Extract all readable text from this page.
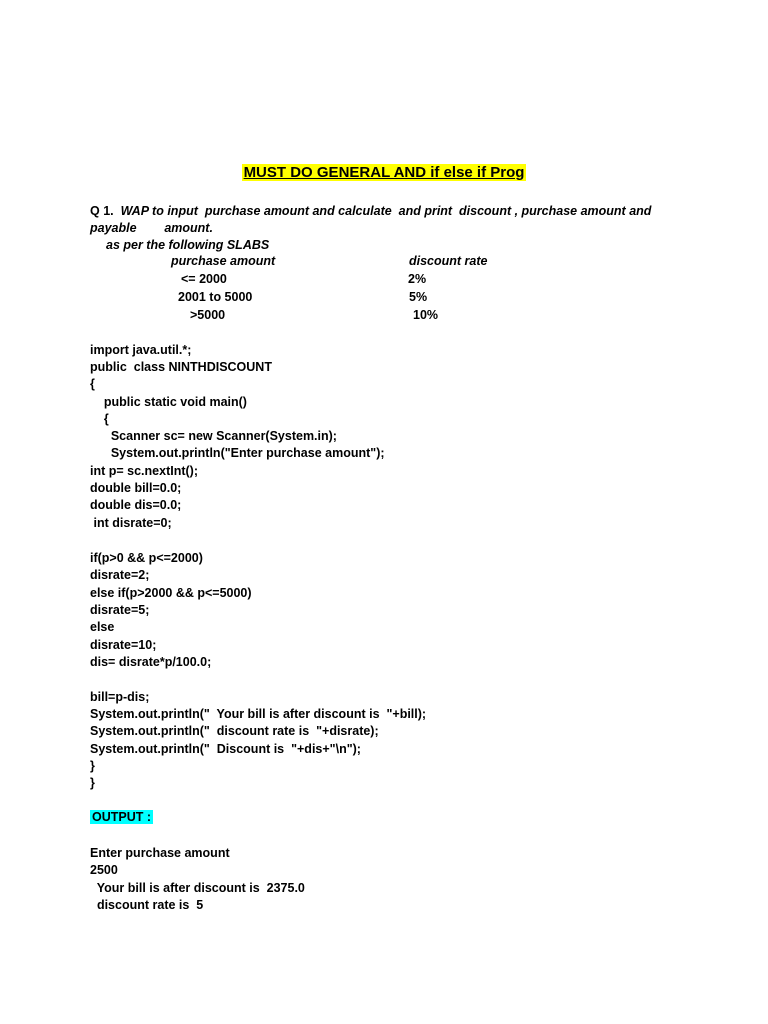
MUST DO GENERAL AND if else if Prog
Q 1. WAP to input  purchase amount and calculate  and print  discount , purchase amount and
payable        amount.
as per the following SLABS
purchase amount	discount rate
<= 2000	2%
2001 to 5000	5%
>5000	10%
import java.util.*;
public  class NINTHDISCOUNT
{
public static void main()
{
Scanner sc= new Scanner(System.in);
System.out.println("Enter purchase amount");
int p= sc.nextInt();
double bill=0.0;
double dis=0.0;
int disrate=0;
if(p>0 && p<=2000)
disrate=2;
else if(p>2000 && p<=5000)
disrate=5;
else
disrate=10;
dis= disrate*p/100.0;
bill=p-dis;
System.out.println("  Your bill is after discount is  "+bill);
System.out.println("  discount rate is  "+disrate);
System.out.println("  Discount is  "+dis+"\n");
}
}
OUTPUT :
Enter purchase amount
2500
Your bill is after discount is  2375.0
discount rate is  5
